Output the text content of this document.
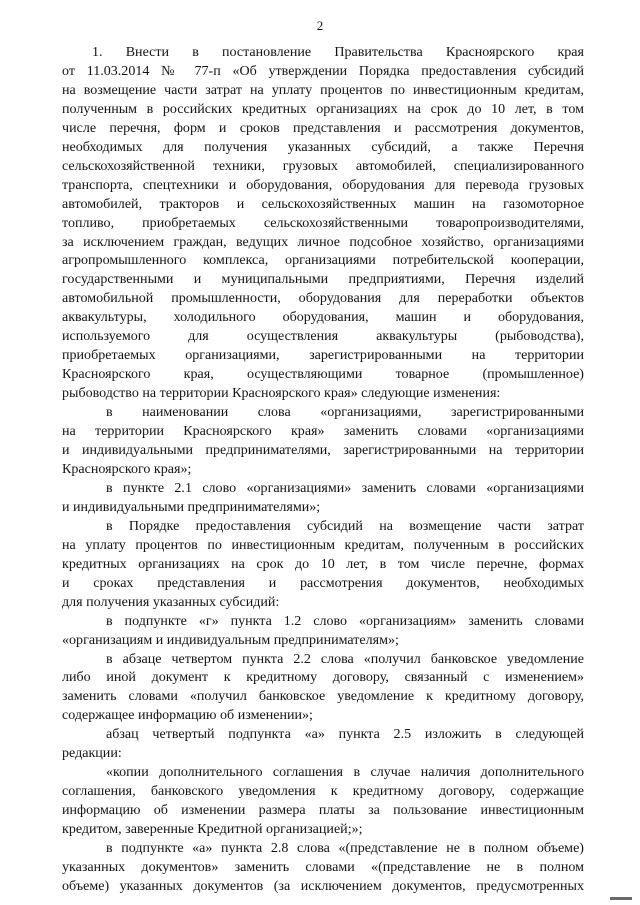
2
1. Внести в постановление Правительства Красноярского края
от 11.03.2014 № 77-п «Об утверждении Порядка предоставления субсидий
на возмещение части затрат на уплату процентов по инвестиционным кредитам,
полученным в российских кредитных организациях на срок до 10 лет, в том
числе перечня, форм и сроков представления и рассмотрения документов,
необходимых для получения указанных субсидий, а также Перечня
сельскохозяйственной техники, грузовых автомобилей, специализированного
транспорта, спецтехники и оборудования, оборудования для перевода грузовых
автомобилей, тракторов и сельскохозяйственных машин на газомоторное
топливо, приобретаемых сельскохозяйственными товаропроизводителями,
за исключением граждан, ведущих личное подсобное хозяйство, организациями
агропромышленного комплекса, организациями потребительской кооперации,
государственными и муниципальными предприятиями, Перечня изделий
автомобильной промышленности, оборудования для переработки объектов
аквакультуры, холодильного оборудования, машин и оборудования,
используемого для осуществления аквакультуры (рыбоводства),
приобретаемых организациями, зарегистрированными на территории
Красноярского края, осуществляющими товарное (промышленное)
рыбоводство на территории Красноярского края» следующие изменения:
в наименовании слова «организациями, зарегистрированными
на территории Красноярского края» заменить словами «организациями
и индивидуальными предпринимателями, зарегистрированными на территории
Красноярского края»;
в пункте 2.1 слово «организациями» заменить словами «организациями
и индивидуальными предпринимателями»;
в Порядке предоставления субсидий на возмещение части затрат
на уплату процентов по инвестиционным кредитам, полученным в российских
кредитных организациях на срок до 10 лет, в том числе перечне, формах
и сроках представления и рассмотрения документов, необходимых
для получения указанных субсидий:
в подпункте «г» пункта 1.2 слово «организациям» заменить словами
«организациям и индивидуальным предпринимателям»;
в абзаце четвертом пункта 2.2 слова «получил банковское уведомление
либо иной документ к кредитному договору, связанный с изменением»
заменить словами «получил банковское уведомление к кредитному договору,
содержащее информацию об изменении»;
абзац четвертый подпункта «а» пункта 2.5 изложить в следующей
редакции:
«копии дополнительного соглашения в случае наличия дополнительного
соглашения, банковского уведомления к кредитному договору, содержащие
информацию об изменении размера платы за пользование инвестиционным
кредитом, заверенные Кредитной организацией;»;
в подпункте «а» пункта 2.8 слова «(представление не в полном объеме)
указанных документов» заменить словами «(представление не в полном
объеме) указанных документов (за исключением документов, предусмотренных
